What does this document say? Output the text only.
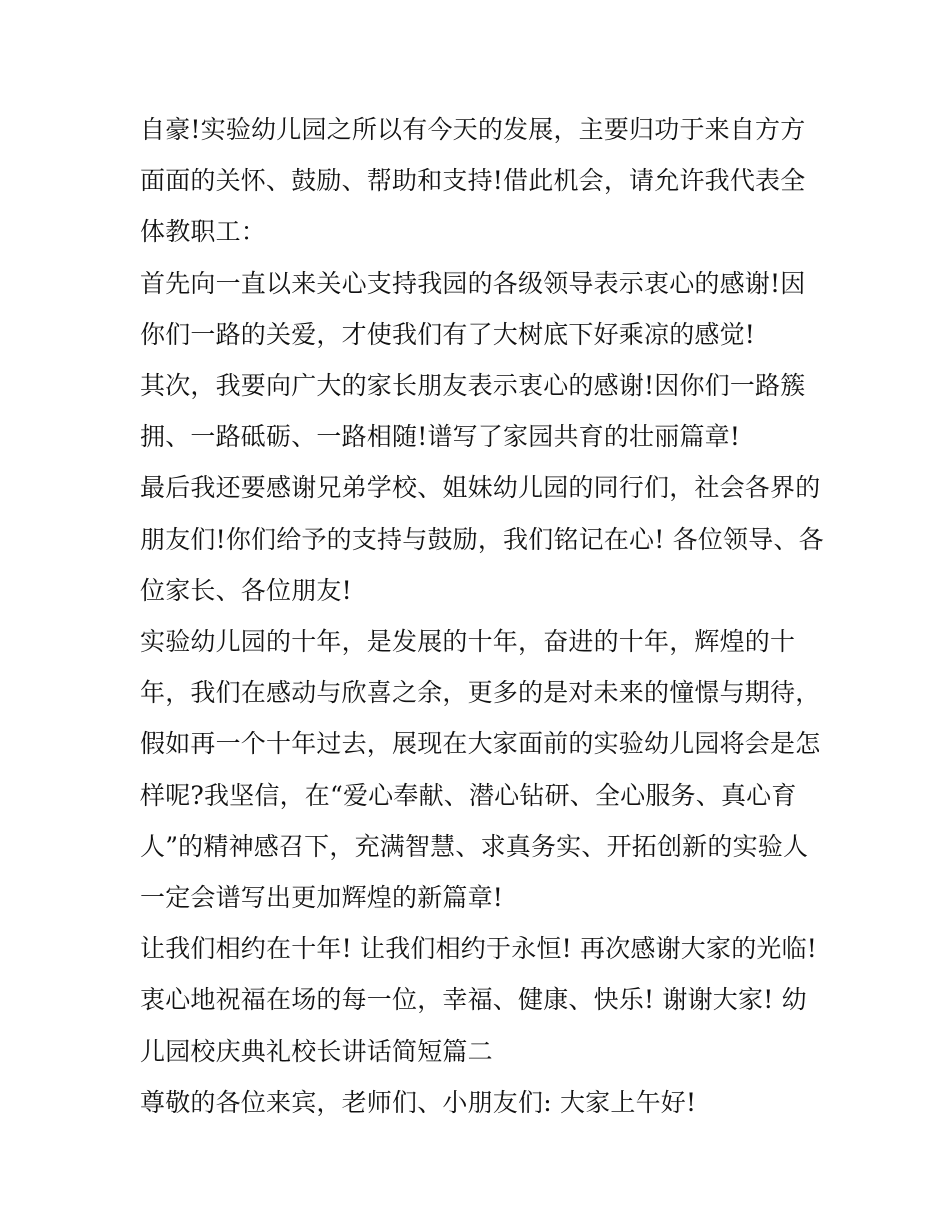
自豪!实验幼儿园之所以有今天的发展，主要归功于来自方方
面面的关怀、鼓励、帮助和支持!借此机会，请允许我代表全
体教职工：
首先向一直以来关心支持我园的各级领导表示衷心的感谢!因
你们一路的关爱，才使我们有了大树底下好乘凉的感觉!
其次，我要向广大的家长朋友表示衷心的感谢!因你们一路簇
拥、一路砥砺、一路相随!谱写了家园共育的壮丽篇章!
最后我还要感谢兄弟学校、姐妹幼儿园的同行们，社会各界的
朋友们!你们给予的支持与鼓励，我们铭记在心! 各位领导、各
位家长、各位朋友!
实验幼儿园的十年，是发展的十年，奋进的十年，辉煌的十
年，我们在感动与欣喜之余，更多的是对未来的憧憬与期待，
假如再一个十年过去，展现在大家面前的实验幼儿园将会是怎
样呢?我坚信，在“爱心奉献、潜心钻研、全心服务、真心育
人”的精神感召下，充满智慧、求真务实、开拓创新的实验人
一定会谱写出更加辉煌的新篇章!
让我们相约在十年! 让我们相约于永恒! 再次感谢大家的光临!
衷心地祝福在场的每一位，幸福、健康、快乐! 谢谢大家! 幼
儿园校庆典礼校长讲话简短篇二
尊敬的各位来宾，老师们、小朋友们: 大家上午好!
